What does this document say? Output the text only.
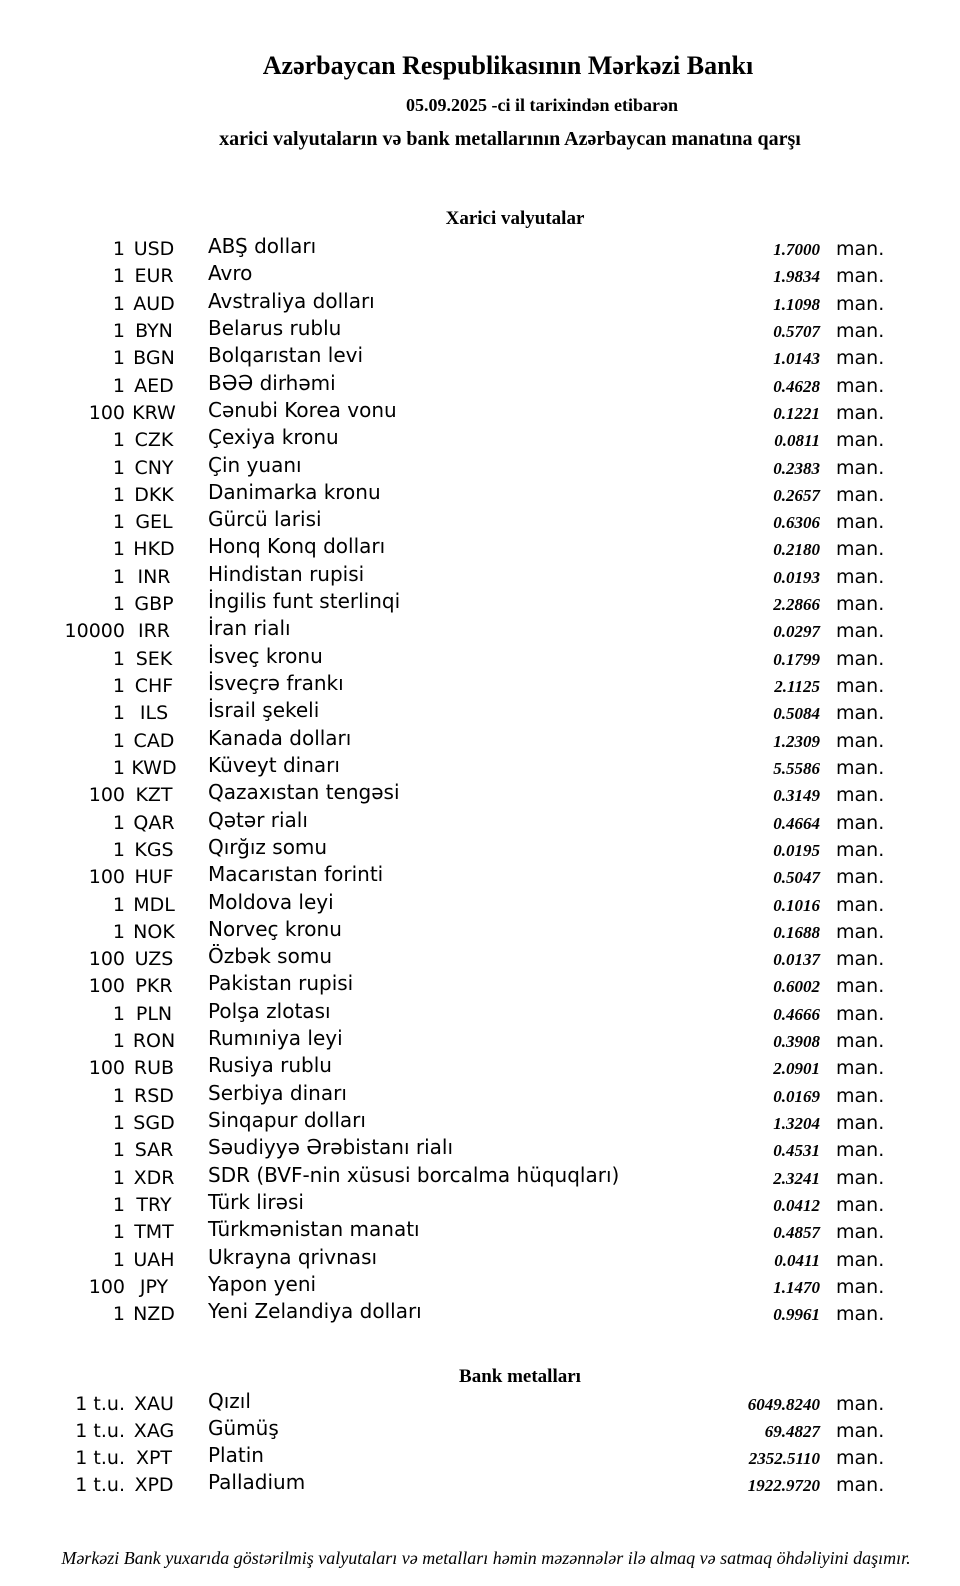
Azərbaycan Respublikasının Mərkəzi Bankı
05.09.2025 -ci il tarixindən etibarən
xarici valyutaların və bank metallarının Azərbaycan manatına qarşı
Xarici valyutalar
1 USD	ABŞ dolları	1.7000 man.
1 EUR	Avro	1.9834 man.
1 AUD	Avstraliya dolları	1.1098 man.
1 BYN	Belarus rublu	0.5707 man.
1 BGN	Bolqarıstan levi	1.0143 man.
1 AED	BƏƏ dirhəmi	0.4628 man.
100 KRW	Cənubi Korea vonu	0.1221 man.
1 CZK	Çexiya kronu	0.0811 man.
1 CNY	Çin yuanı	0.2383 man.
1 DKK	Danimarka kronu	0.2657 man.
1 GEL	Gürcü larisi	0.6306 man.
1 HKD	Honq Konq dolları	0.2180 man.
1 INR	Hindistan rupisi	0.0193 man.
1 GBP	İngilis funt sterlinqi	2.2866 man.
10000 IRR	İran rialı	0.0297 man.
1 SEK	İsveç kronu	0.1799 man.
1 CHF	İsveçrə frankı	2.1125 man.
1 ILS	İsrail şekeli	0.5084 man.
1 CAD	Kanada dolları	1.2309 man.
1 KWD	Küveyt dinarı	5.5586 man.
100 KZT	Qazaxıstan tengəsi	0.3149 man.
1 QAR	Qətər rialı	0.4664 man.
1 KGS	Qırğız somu	0.0195 man.
100 HUF	Macarıstan forinti	0.5047 man.
1 MDL	Moldova leyi	0.1016 man.
1 NOK	Norveç kronu	0.1688 man.
100 UZS	Özbək somu	0.0137 man.
100 PKR	Pakistan rupisi	0.6002 man.
1 PLN	Polşa zlotası	0.4666 man.
1 RON	Rumıniya leyi	0.3908 man.
100 RUB	Rusiya rublu	2.0901 man.
1 RSD	Serbiya dinarı	0.0169 man.
1 SGD	Sinqapur dolları	1.3204 man.
1 SAR	Səudiyyə Ərəbistanı rialı	0.4531 man.
1 XDR	SDR (BVF-nin xüsusi borcalma hüquqları)	2.3241 man.
1 TRY	Türk lirəsi	0.0412 man.
1 TMT	Türkmənistan manatı	0.4857 man.
1 UAH	Ukrayna qrivnası	0.0411 man.
100 JPY	Yapon yeni	1.1470 man.
1 NZD	Yeni Zelandiya dolları	0.9961 man.
Bank metalları
1 t.u. XAU	Qızıl	6049.8240 man.
1 t.u. XAG	Gümüş	69.4827 man.
1 t.u. XPT	Platin	2352.5110 man.
1 t.u. XPD	Palladium	1922.9720 man.
Mərkəzi Bank yuxarıda göstərilmiş valyutaları və metalları həmin məzənnələr ilə almaq və satmaq öhdəliyini daşımır.
